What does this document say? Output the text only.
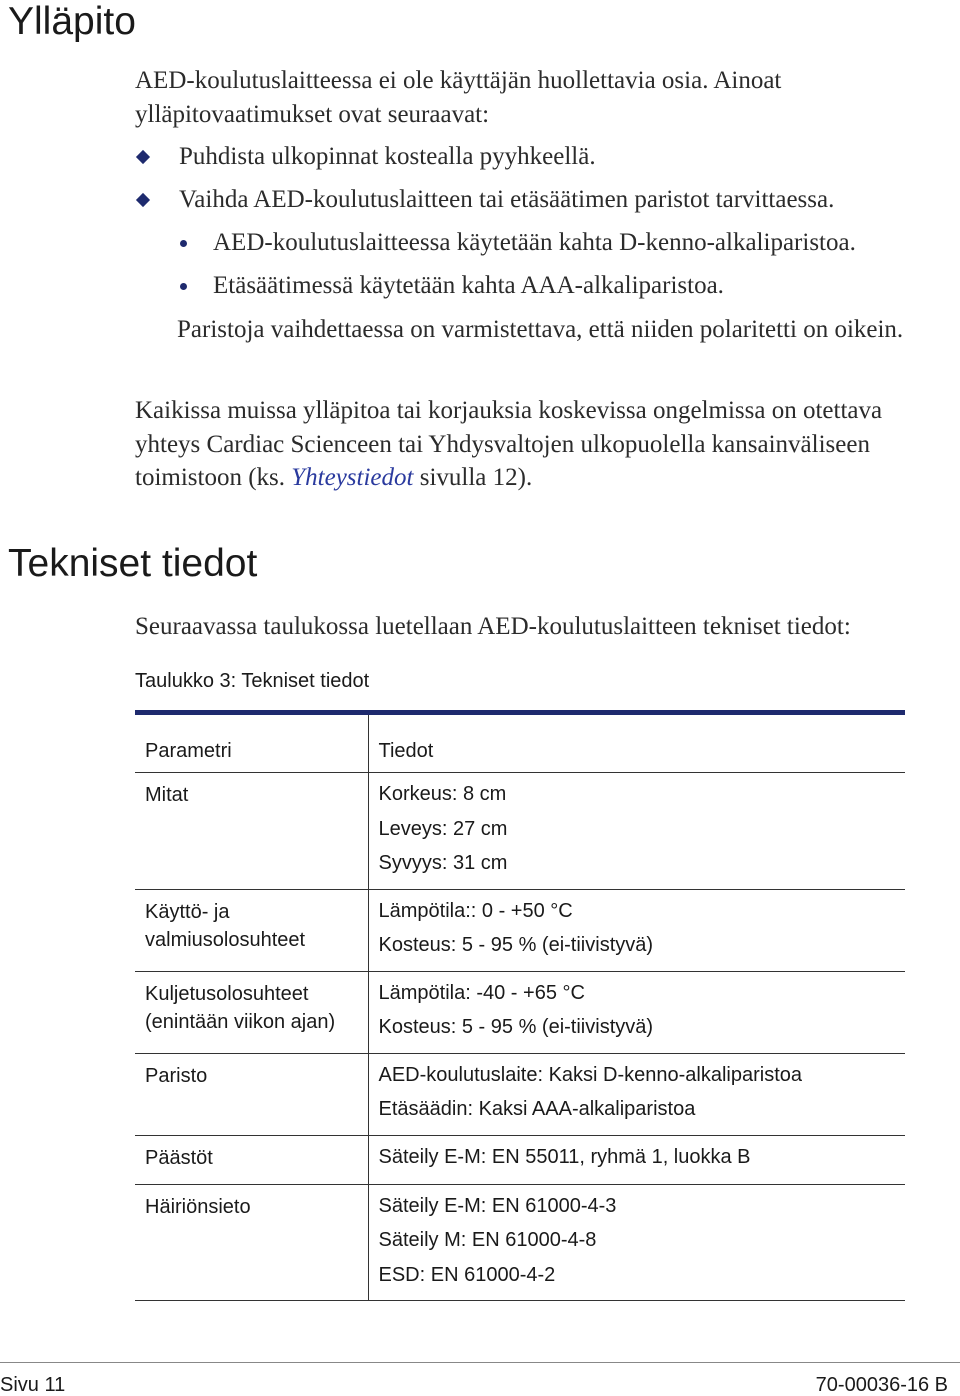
Ylläpito
AED-koulutuslaitteessa ei ole käyttäjän huollettavia osia. Ainoat ylläpitovaatimukset ovat seuraavat:
Puhdista ulkopinnat kostealla pyyhkeellä.
Vaihda AED-koulutuslaitteen tai etäsäätimen paristot tarvittaessa.
AED-koulutuslaitteessa käytetään kahta D-kenno-alkaliparistoa.
Etäsäätimessä käytetään kahta AAA-alkaliparistoa.
Paristoja vaihdettaessa on varmistettava, että niiden polaritetti on oikein.
Kaikissa muissa ylläpitoa tai korjauksia koskevissa ongelmissa on otettava yhteys Cardiac Scienceen tai Yhdysvaltojen ulkopuolella kansainväliseen toimistoon (ks. Yhteystiedot sivulla 12).
Tekniset tiedot
Seuraavassa taulukossa luetellaan AED-koulutuslaitteen tekniset tiedot:
Taulukko 3: Tekniset tiedot
Parametri	Tiedot

Mitat	Korkeus: 8 cm
Leveys: 27 cm
Syvyys: 31 cm

Käyttö- ja
valmiusolosuhteet	Lämpötila:: 0 - +50 °C
Kosteus: 5 - 95 % (ei-tiivistyvä)

Kuljetusolosuhteet
(enintään viikon ajan)	Lämpötila: -40 - +65 °C
Kosteus: 5 - 95 % (ei-tiivistyvä)

Paristo	AED-koulutuslaite: Kaksi D-kenno-alkaliparistoa
Etäsäädin: Kaksi AAA-alkaliparistoa

Päästöt	Säteily E-M: EN 55011, ryhmä 1, luokka B

Häiriönsieto	Säteily E-M: EN 61000-4-3
Säteily M: EN 61000-4-8
ESD: EN 61000-4-2
Sivu 11	70-00036-16 B
